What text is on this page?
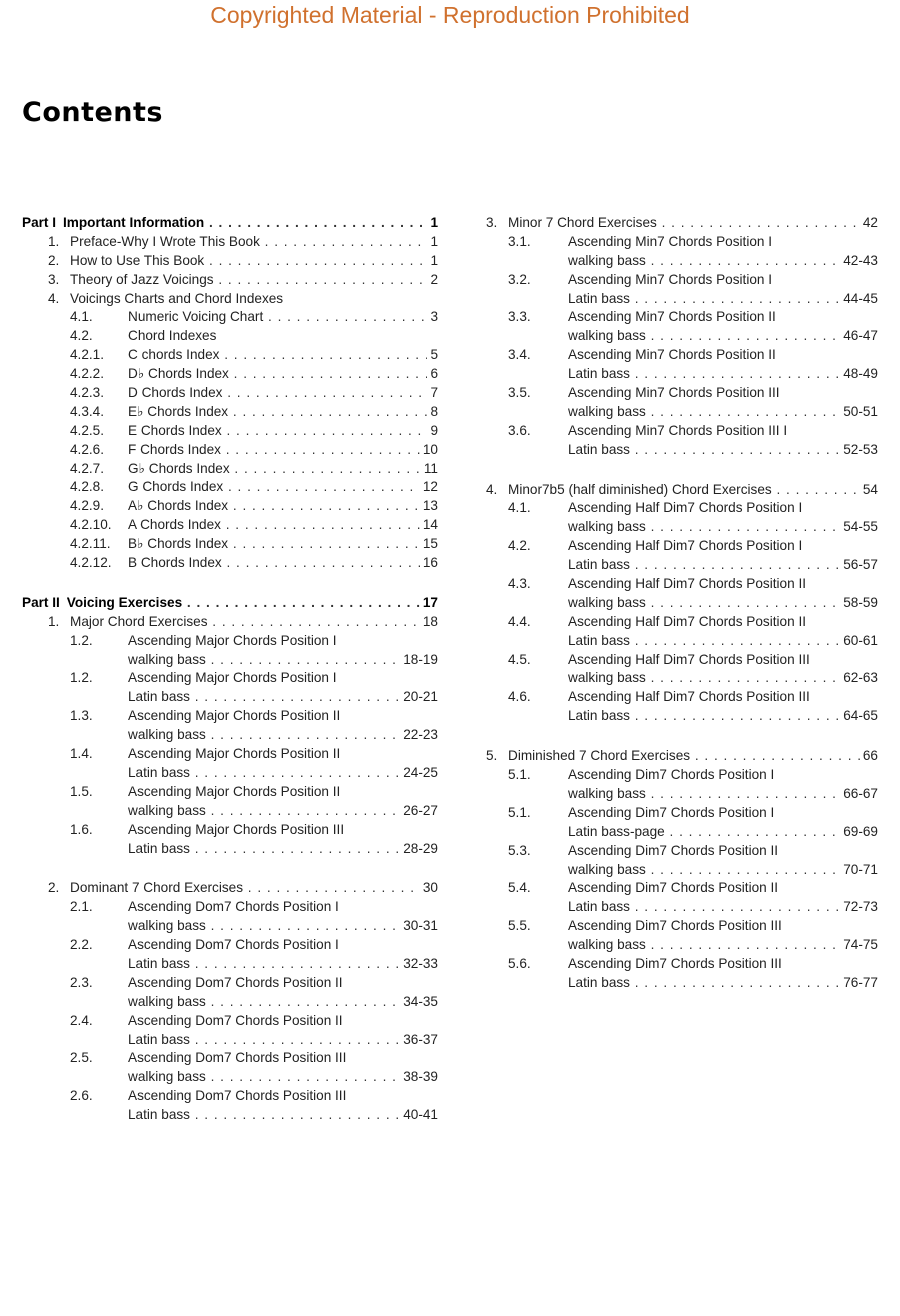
Copyrighted Material - Reproduction Prohibited
Contents
Part I Important Information . . .	1
1. Preface-Why I Wrote This Book . . .	1
2. How to Use This Book . . .	1
3. Theory of Jazz Voicings . . .	2
4. Voicings Charts and Chord Indexes
4.1.	Numeric Voicing Chart . . .	3
4.2.	Chord Indexes
4.2.1.	C chords Index . . .	5
4.2.2.	D♭ Chords Index . . .	6
4.2.3.	D Chords Index . . .	7
4.3.4.	E♭ Chords Index . . .	8
4.2.5.	E Chords Index . . .	9
4.2.6.	F Chords Index . . .	10
4.2.7.	G♭ Chords Index . . .	11
4.2.8.	G Chords Index . . .	12
4.2.9.	A♭ Chords Index . . .	13
4.2.10.	A Chords Index . . .	14
4.2.11.	B♭ Chords Index . . .	15
4.2.12.	B Chords Index . . .	16
Part II Voicing Exercises . . .	17
1. Major Chord Exercises . . .	18
1.2.	Ascending Major Chords Position I
walking bass . . .	18-19
1.2.	Ascending Major Chords Position I
Latin bass . . .	20-21
1.3.	Ascending Major Chords Position II
walking bass . . .	22-23
1.4.	Ascending Major Chords Position II
Latin bass . . .	24-25
1.5.	Ascending Major Chords Position II
walking bass . . .	26-27
1.6.	Ascending Major Chords Position III
Latin bass . . .	28-29
2. Dominant 7 Chord Exercises . . .	30
2.1.	Ascending Dom7 Chords Position I
walking bass . . .	30-31
2.2.	Ascending Dom7 Chords Position I
Latin bass . . .	32-33
2.3.	Ascending Dom7 Chords Position II
walking bass . . .	34-35
2.4.	Ascending Dom7 Chords Position II
Latin bass . . .	36-37
2.5.	Ascending Dom7 Chords Position III
walking bass . . .	38-39
2.6.	Ascending Dom7 Chords Position III
Latin bass . . .	40-41
3. Minor 7 Chord Exercises . . .	42
3.1.	Ascending Min7 Chords Position I
walking bass . . .	42-43
3.2.	Ascending Min7 Chords Position I
Latin bass . . .	44-45
3.3.	Ascending Min7 Chords Position II
walking bass . . .	46-47
3.4.	Ascending Min7 Chords Position II
Latin bass . . .	48-49
3.5.	Ascending Min7 Chords Position III
walking bass . . .	50-51
3.6.	Ascending Min7 Chords Position III I
Latin bass . . .	52-53
4. Minor7b5 (half diminished) Chord Exercises . . .	54
4.1.	Ascending Half Dim7 Chords Position I
walking bass . . .	54-55
4.2.	Ascending Half Dim7 Chords Position I
Latin bass . . .	56-57
4.3.	Ascending Half Dim7 Chords Position II
walking bass . . .	58-59
4.4.	Ascending Half Dim7 Chords Position II
Latin bass . . .	60-61
4.5.	Ascending Half Dim7 Chords Position III
walking bass . . .	62-63
4.6.	Ascending Half Dim7 Chords Position III
Latin bass . . .	64-65
5. Diminished 7 Chord Exercises . . .	66
5.1.	Ascending Dim7 Chords Position I
walking bass . . .	66-67
5.1.	Ascending Dim7 Chords Position I
Latin bass-page . . .	69-69
5.3.	Ascending Dim7 Chords Position II
walking bass . . .	70-71
5.4.	Ascending Dim7 Chords Position II
Latin bass . . .	72-73
5.5.	Ascending Dim7 Chords Position III
walking bass . . .	74-75
5.6.	Ascending Dim7 Chords Position III
Latin bass . . .	76-77
